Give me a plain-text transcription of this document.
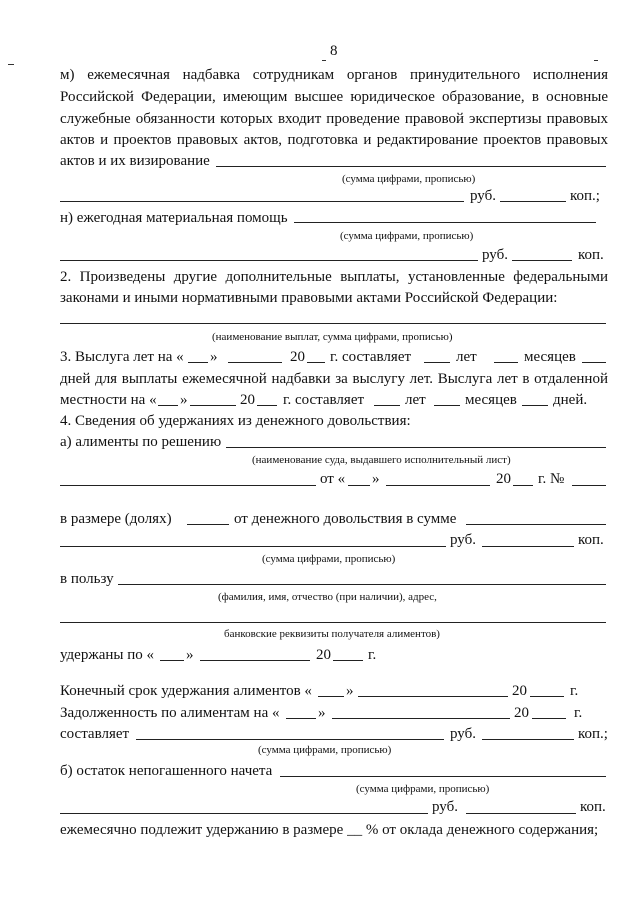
8
м) ежемесячная надбавка сотрудникам органов принудительного исполнения
Российской Федерации, имеющим высшее юридическое образование, в основные
служебные обязанности которых входит проведение правовой экспертизы правовых
актов и проектов правовых актов, подготовка и редактирование проектов правовых
актов и их визирование
(сумма цифрами, прописью)
руб.	коп.;
н) ежегодная материальная помощь
(сумма цифрами, прописью)
руб.	коп.
2. Произведены другие дополнительные выплаты, установленные федеральными
законами и иными нормативными правовыми актами Российской Федерации:
(наименование выплат, сумма цифрами, прописью)
3. Выслуга лет на « »	20 г. составляет	лет	месяцев
дней для выплаты ежемесячной надбавки за выслугу лет. Выслуга лет в отдаленной
местности на « »	20 г. составляет	лет	месяцев дней.
4. Сведения об удержаниях из денежного довольствия:
а) алименты по решению
(наименование суда, выдавшего исполнительный лист)
от « »	20 г. №
в размере (долях)	от денежного довольствия в сумме
руб.	коп.
(сумма цифрами, прописью)
в пользу
(фамилия, имя, отчество (при наличии), адрес,
банковские реквизиты получателя алиментов)
удержаны по « »	20 г.
Конечный срок удержания алиментов « »	20	г.
Задолженность по алиментам на «	»	20	г.
составляет	руб.	коп.;
(сумма цифрами, прописью)
б) остаток непогашенного начета
(сумма цифрами, прописью)
руб.	коп.
ежемесячно подлежит удержанию в размере __ % от оклада денежного содержания;
